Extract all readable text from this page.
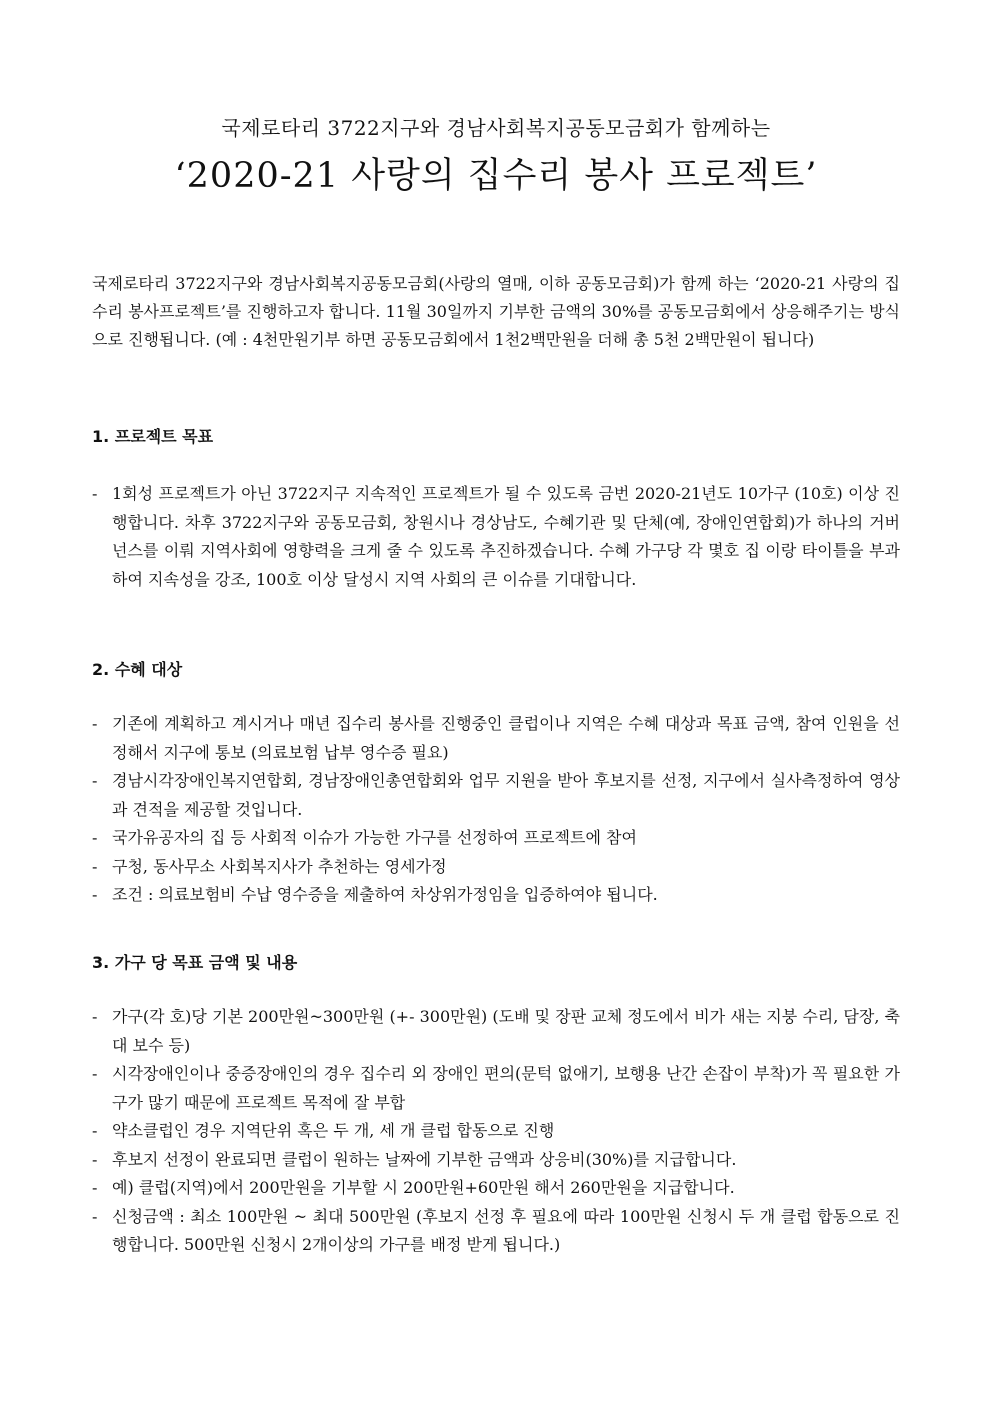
국제로타리 3722지구와 경남사회복지공동모금회가 함께하는
‘2020-21 사랑의 집수리 봉사 프로젝트’
국제로타리 3722지구와 경남사회복지공동모금회(사랑의 열매, 이하 공동모금회)가 함께 하는 ‘2020-21 사랑의 집수리 봉사프로젝트’를 진행하고자 합니다. 11월 30일까지 기부한 금액의 30%를 공동모금회에서 상응해주기는 방식으로 진행됩니다. (예 : 4천만원기부 하면 공동모금회에서 1천2백만원을 더해 총 5천 2백만원이 됩니다)
1. 프로젝트 목표
- 1회성 프로젝트가 아닌 3722지구 지속적인 프로젝트가 될 수 있도록 금번 2020-21년도 10가구 (10호) 이상 진행합니다. 차후 3722지구와 공동모금회, 창원시나 경상남도, 수혜기관 및 단체(예, 장애인연합회)가 하나의 거버넌스를 이뤄 지역사회에 영향력을 크게 줄 수 있도록 추진하겠습니다. 수혜 가구당 각 몇호 집 이랑 타이틀을 부과하여 지속성을 강조, 100호 이상 달성시 지역 사회의 큰 이슈를 기대합니다.
2. 수혜 대상
- 기존에 계획하고 계시거나 매년 집수리 봉사를 진행중인 클럽이나 지역은 수혜 대상과 목표 금액, 참여 인원을 선정해서 지구에 통보 (의료보험 납부 영수증 필요)
- 경남시각장애인복지연합회, 경남장애인총연합회와 업무 지원을 받아 후보지를 선정, 지구에서 실사측정하여 영상과 견적을 제공할 것입니다.
- 국가유공자의 집 등 사회적 이슈가 가능한 가구를 선정하여 프로젝트에 참여
- 구청, 동사무소 사회복지사가 추천하는 영세가정
- 조건 : 의료보험비 수납 영수증을 제출하여 차상위가정임을 입증하여야 됩니다.
3. 가구 당 목표 금액 및 내용
- 가구(각 호)당 기본 200만원~300만원 (+- 300만원) (도배 및 장판 교체 정도에서 비가 새는 지붕 수리, 담장, 축대 보수 등)
- 시각장애인이나 중증장애인의 경우 집수리 외 장애인 편의(문턱 없애기, 보행용 난간 손잡이 부착)가 꼭 필요한 가구가 많기 때문에 프로젝트 목적에 잘 부합
- 약소클럽인 경우 지역단위 혹은 두 개, 세 개 클럽 합동으로 진행
- 후보지 선정이 완료되면 클럽이 원하는 날짜에 기부한 금액과 상응비(30%)를 지급합니다.
- 예) 클럽(지역)에서 200만원을 기부할 시 200만원+60만원 해서 260만원을 지급합니다.
- 신청금액 : 최소 100만원 ~ 최대 500만원 (후보지 선정 후 필요에 따라 100만원 신청시 두 개 클럽 합동으로 진행합니다. 500만원 신청시 2개이상의 가구를 배정 받게 됩니다.)
